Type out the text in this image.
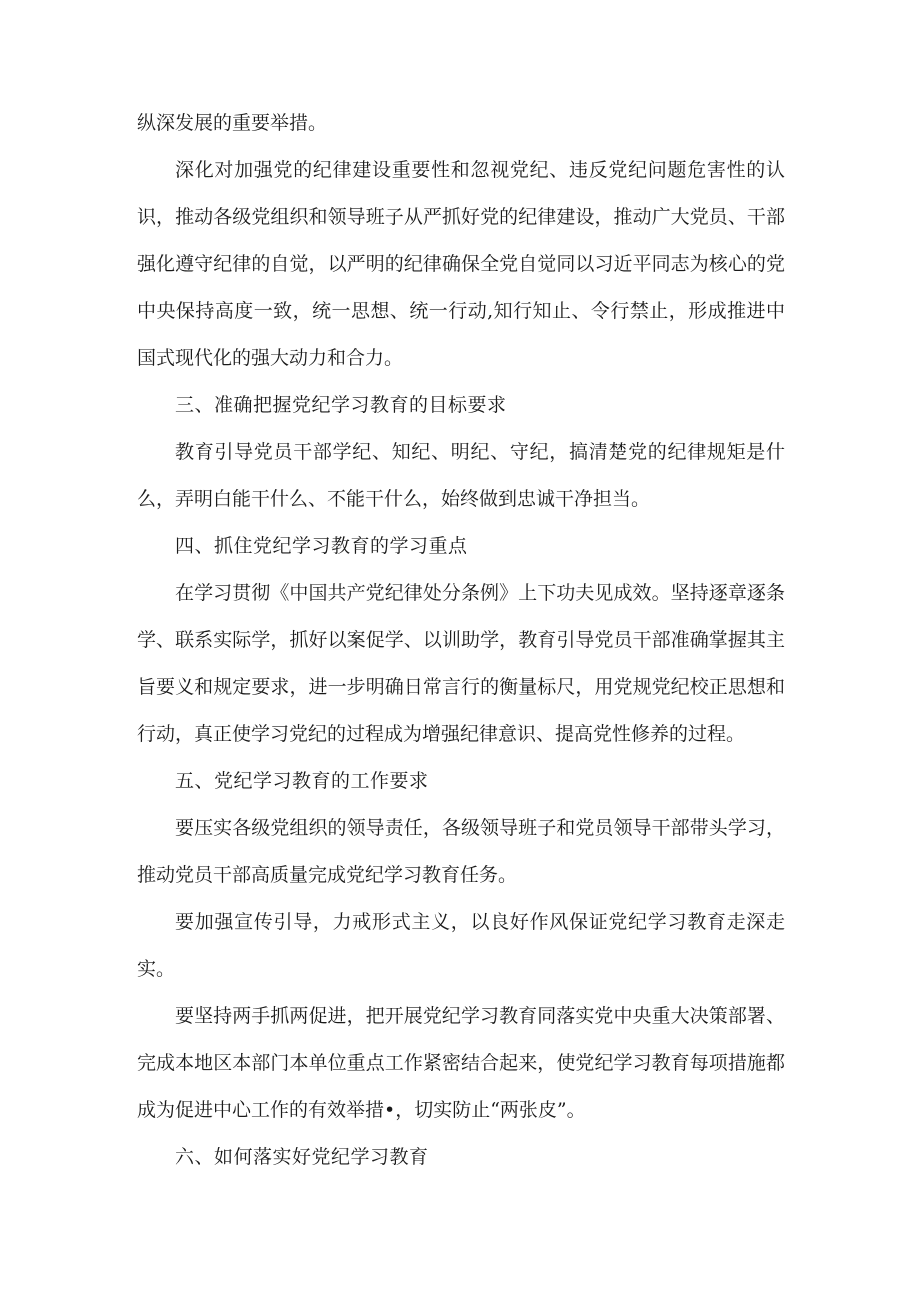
纵深发展的重要举措。

深化对加强党的纪律建设重要性和忽视党纪、违反党纪问题危害性的认识，推动各级党组织和领导班子从严抓好党的纪律建设，推动广大党员、干部强化遵守纪律的自觉，以严明的纪律确保全党自觉同以习近平同志为核心的党中央保持高度一致，统一思想、统一行动,知行知止、令行禁止，形成推进中国式现代化的强大动力和合力。

三、准确把握党纪学习教育的目标要求

教育引导党员干部学纪、知纪、明纪、守纪，搞清楚党的纪律规矩是什么，弄明白能干什么、不能干什么，始终做到忠诚干净担当。

四、抓住党纪学习教育的学习重点

在学习贯彻《中国共产党纪律处分条例》上下功夫见成效。坚持逐章逐条学、联系实际学，抓好以案促学、以训助学，教育引导党员干部准确掌握其主旨要义和规定要求，进一步明确日常言行的衡量标尺，用党规党纪校正思想和行动，真正使学习党纪的过程成为增强纪律意识、提高党性修养的过程。

五、党纪学习教育的工作要求

要压实各级党组织的领导责任，各级领导班子和党员领导干部带头学习，推动党员干部高质量完成党纪学习教育任务。

要加强宣传引导，力戒形式主义，以良好作风保证党纪学习教育走深走实。

要坚持两手抓两促进，把开展党纪学习教育同落实党中央重大决策部署、完成本地区本部门本单位重点工作紧密结合起来，使党纪学习教育每项措施都成为促进中心工作的有效举措•，切实防止“两张皮”。

六、如何落实好党纪学习教育
